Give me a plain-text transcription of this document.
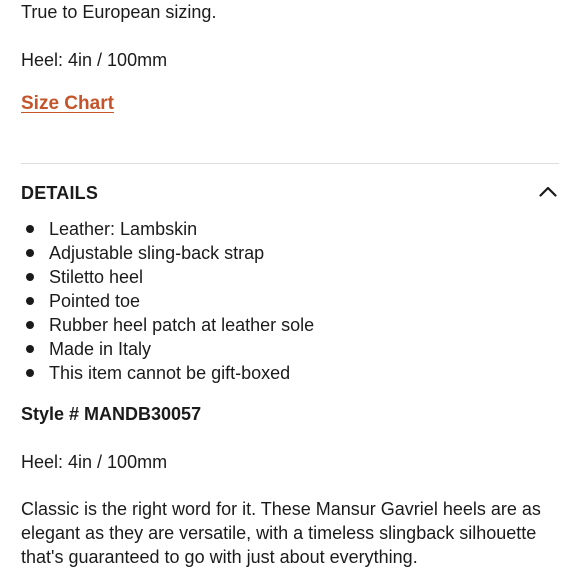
True to European sizing.
Heel: 4in / 100mm
Size Chart
DETAILS
Leather: Lambskin
Adjustable sling-back strap
Stiletto heel
Pointed toe
Rubber heel patch at leather sole
Made in Italy
This item cannot be gift-boxed
Style # MANDB30057
Heel: 4in / 100mm

Classic is the right word for it. These Mansur Gavriel heels are as elegant as they are versatile, with a timeless slingback silhouette that's guaranteed to go with just about everything.
